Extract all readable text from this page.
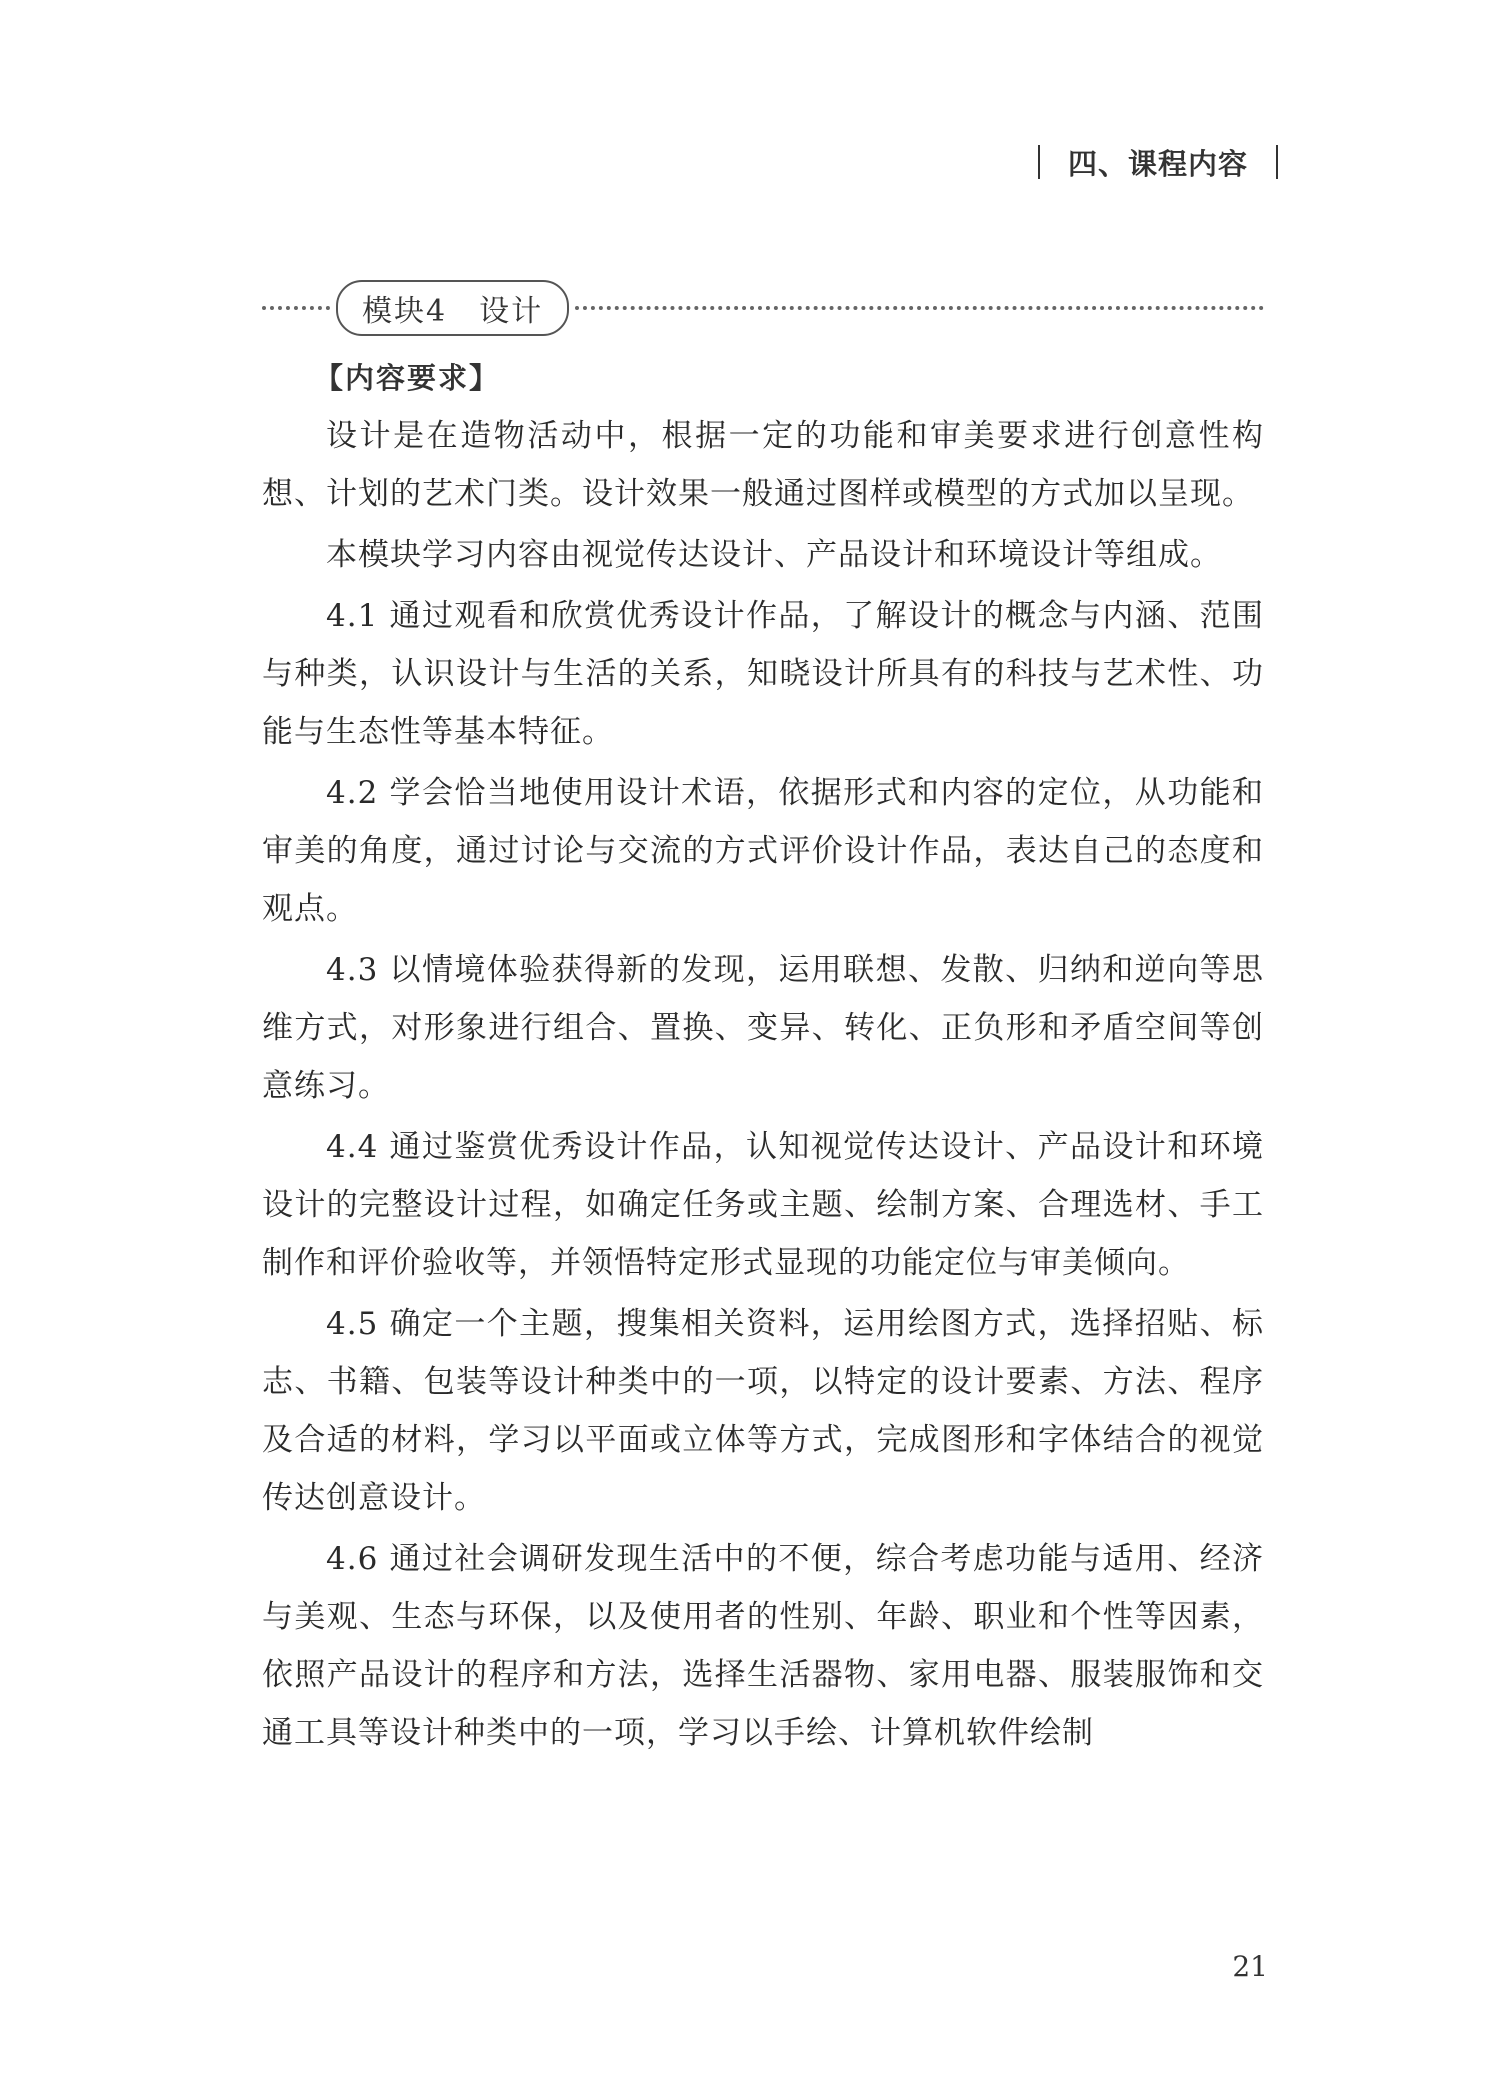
四、课程内容
模块4　设计
【内容要求】

设计是在造物活动中，根据一定的功能和审美要求进行创意性构想、计划的艺术门类。设计效果一般通过图样或模型的方式加以呈现。

本模块学习内容由视觉传达设计、产品设计和环境设计等组成。

4.1 通过观看和欣赏优秀设计作品，了解设计的概念与内涵、范围与种类，认识设计与生活的关系，知晓设计所具有的科技与艺术性、功能与生态性等基本特征。

4.2 学会恰当地使用设计术语，依据形式和内容的定位，从功能和审美的角度，通过讨论与交流的方式评价设计作品，表达自己的态度和观点。

4.3 以情境体验获得新的发现，运用联想、发散、归纳和逆向等思维方式，对形象进行组合、置换、变异、转化、正负形和矛盾空间等创意练习。

4.4 通过鉴赏优秀设计作品，认知视觉传达设计、产品设计和环境设计的完整设计过程，如确定任务或主题、绘制方案、合理选材、手工制作和评价验收等，并领悟特定形式显现的功能定位与审美倾向。

4.5 确定一个主题，搜集相关资料，运用绘图方式，选择招贴、标志、书籍、包装等设计种类中的一项，以特定的设计要素、方法、程序及合适的材料，学习以平面或立体等方式，完成图形和字体结合的视觉传达创意设计。

4.6 通过社会调研发现生活中的不便，综合考虑功能与适用、经济与美观、生态与环保，以及使用者的性别、年龄、职业和个性等因素，依照产品设计的程序和方法，选择生活器物、家用电器、服装服饰和交通工具等设计种类中的一项，学习以手绘、计算机软件绘制

21
